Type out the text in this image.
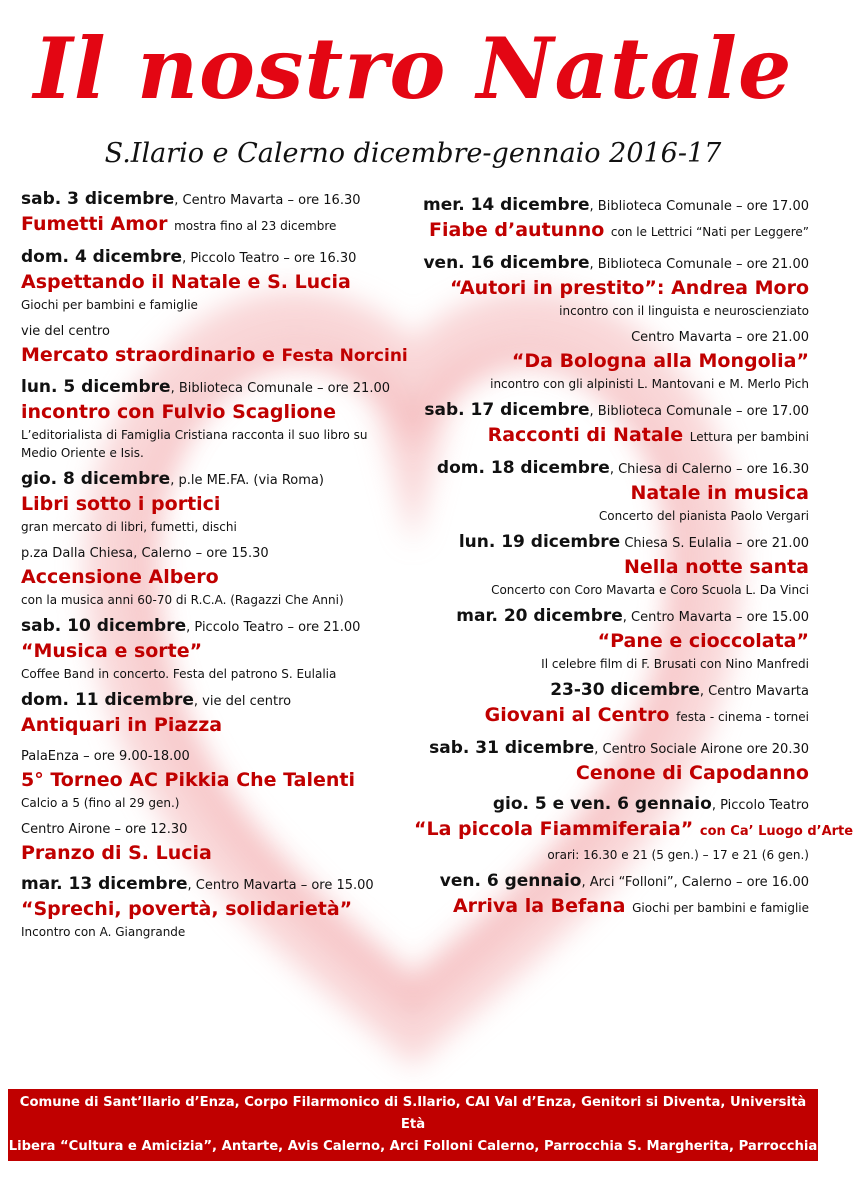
Il nostro Natale
S.Ilario e Calerno dicembre-gennaio 2016-17
sab. 3 dicembre, Centro Mavarta – ore 16.30
Fumetti Amor mostra fino al 23 dicembre
dom. 4 dicembre, Piccolo Teatro – ore 16.30
Aspettando il Natale e S. Lucia
Giochi per bambini e famiglie
vie del centro
Mercato straordinario e Festa Norcini
lun. 5 dicembre, Biblioteca Comunale – ore 21.00
incontro con Fulvio Scaglione
L’editorialista di Famiglia Cristiana racconta il suo libro su
Medio Oriente e Isis.
gio. 8 dicembre, p.le ME.FA. (via Roma)
Libri sotto i portici
gran mercato di libri, fumetti, dischi
p.za Dalla Chiesa, Calerno – ore 15.30
Accensione Albero
con la musica anni 60-70 di R.C.A. (Ragazzi Che Anni)
sab. 10 dicembre, Piccolo Teatro – ore 21.00
“Musica e sorte”
Coffee Band in concerto. Festa del patrono S. Eulalia
dom. 11 dicembre, vie del centro
Antiquari in Piazza
PalaEnza – ore 9.00-18.00
5° Torneo AC Pikkia Che Talenti
Calcio a 5 (fino al 29 gen.)
Centro Airone – ore 12.30
Pranzo di S. Lucia
mar. 13 dicembre, Centro Mavarta – ore 15.00
“Sprechi, povertà, solidarietà”
Incontro con A. Giangrande
mer. 14 dicembre, Biblioteca Comunale – ore 17.00
Fiabe d’autunno con le Lettrici “Nati per Leggere”
ven. 16 dicembre, Biblioteca Comunale – ore 21.00
“Autori in prestito”: Andrea Moro
incontro con il linguista e neuroscienziato
Centro Mavarta – ore 21.00
“Da Bologna alla Mongolia”
incontro con gli alpinisti L. Mantovani e M. Merlo Pich
sab. 17 dicembre, Biblioteca Comunale – ore 17.00
Racconti di Natale Lettura per bambini
dom. 18 dicembre, Chiesa di Calerno – ore 16.30
Natale in musica
Concerto del pianista Paolo Vergari
lun. 19 dicembre Chiesa S. Eulalia – ore 21.00
Nella notte santa
Concerto con Coro Mavarta e Coro Scuola L. Da Vinci
mar. 20 dicembre, Centro Mavarta – ore 15.00
“Pane e cioccolata”
Il celebre film di F. Brusati con Nino Manfredi
23-30 dicembre, Centro Mavarta
Giovani al Centro festa - cinema - tornei
sab. 31 dicembre, Centro Sociale Airone ore 20.30
Cenone di Capodanno
gio. 5 e ven. 6 gennaio, Piccolo Teatro
“La piccola Fiammiferaia” con Ca’ Luogo d’Arte
orari: 16.30 e 21 (5 gen.) – 17 e 21 (6 gen.)
ven. 6 gennaio, Arci “Folloni”, Calerno – ore 16.00
Arriva la Befana Giochi per bambini e famiglie
Comune di Sant’Ilario d’Enza, Corpo Filarmonico di S.Ilario, CAI Val d’Enza, Genitori si Diventa, Università Età
Libera “Cultura e Amicizia”, Antarte, Avis Calerno, Arci Folloni Calerno, Parrocchia S. Margherita, Parrocchia S.
Eulalia, Teatro L’Attesa, Al Filos, Centro Sociale Airone, Sporting Club, AC Pikkia, Meglio S.Ilario
